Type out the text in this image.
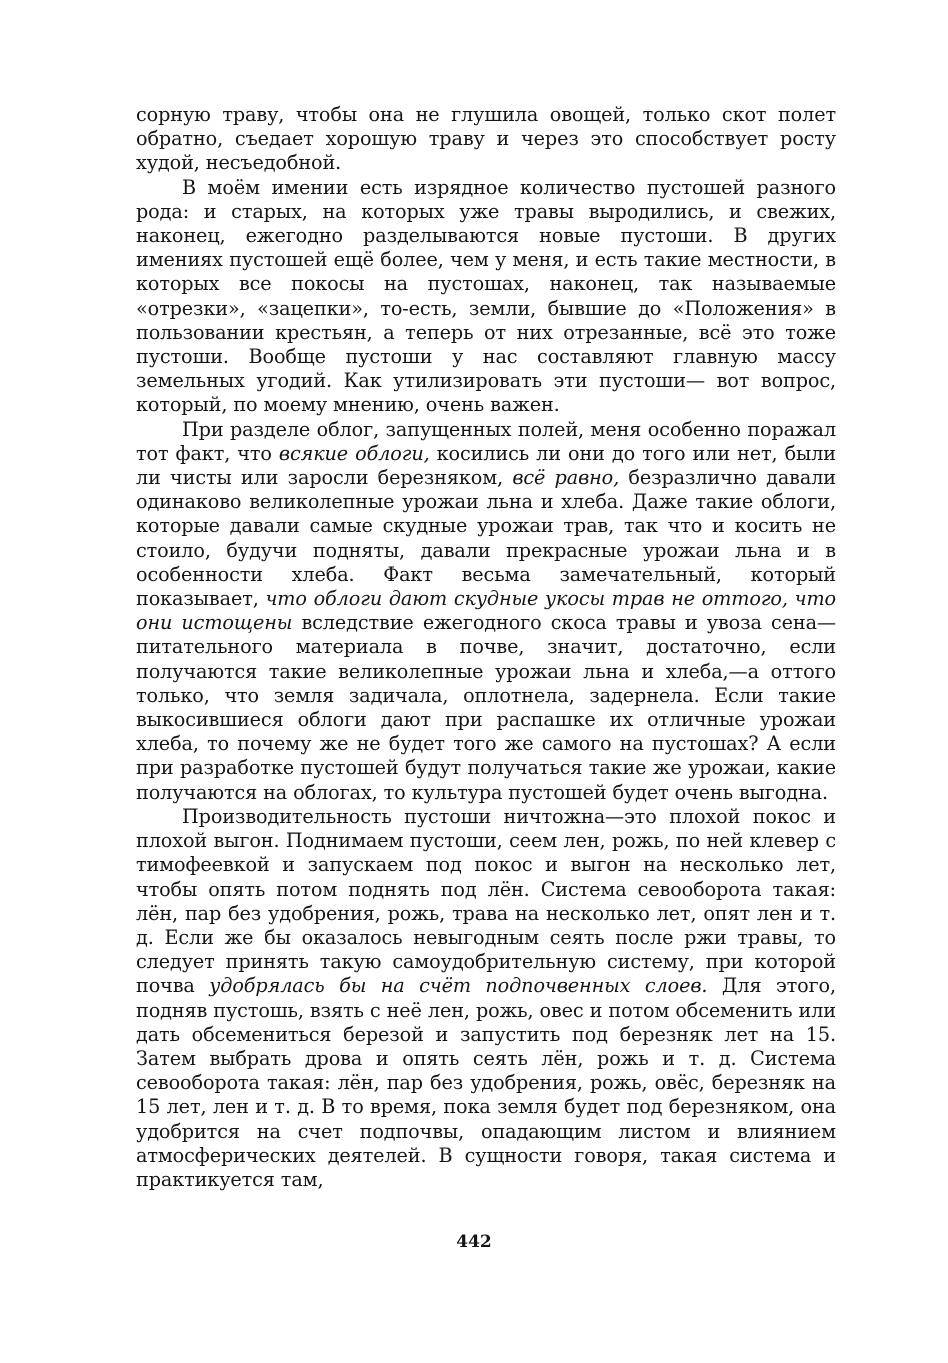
сорную траву, чтобы она не глушила овощей, только скот полет обратно, съедает хорошую траву и через это способствует росту худой, несъедобной.

В моём имении есть изрядное количество пустошей разного рода: и старых, на которых уже травы выродились, и свежих, наконец, ежегодно разделываются новые пустоши. В других имениях пустошей ещё более, чем у меня, и есть такие местности, в которых все покосы на пустошах, наконец, так называемые «отрезки», «зацепки», то-есть, земли, бывшие до «Положения» в пользовании крестьян, а теперь от них отрезанные, всё это тоже пустоши. Вообще пустоши у нас составляют главную массу земельных угодий. Как утилизировать эти пустоши— вот вопрос, который, по моему мнению, очень важен.

При разделе облог, запущенных полей, меня особенно поражал тот факт, что всякие облоги, косились ли они до того или нет, были ли чисты или заросли березняком, всё равно, безразлично давали одинаково великолепные урожаи льна и хлеба. Даже такие облоги, которые давали самые скудные урожаи трав, так что и косить не стоило, будучи подняты, давали прекрасные урожаи льна и в особенности хлеба. Факт весьма замечательный, который показывает, что облоги дают скудные укосы трав не оттого, что они истощены вследствие ежегодного скоса травы и увоза сена—питательного материала в почве, значит, достаточно, если получаются такие великолепные урожаи льна и хлеба,—а оттого только, что земля задичала, оплотнела, задернела. Если такие выкосившиеся облоги дают при распашке их отличные урожаи хлеба, то почему же не будет того же самого на пустошах? А если при разработке пустошей будут получаться такие же урожаи, какие получаются на облогах, то культура пустошей будет очень выгодна.

Производительность пустоши ничтожна—это плохой покос и плохой выгон. Поднимаем пустоши, сеем лен, рожь, по ней клевер с тимофеевкой и запускаем под покос и выгон на несколько лет, чтобы опять потом поднять под лён. Система севооборота такая: лён, пар без удобрения, рожь, трава на несколько лет, опят лен и т. д. Если же бы оказалось невыгодным сеять после ржи травы, то следует принять такую самоудобрительную систему, при которой почва удобрялась бы на счёт подпочвенных слоев. Для этого, подняв пустошь, взять с неё лен, рожь, овес и потом обсеменить или дать обсемениться березой и запустить под березняк лет на 15. Затем выбрать дрова и опять сеять лён, рожь и т. д. Система севооборота такая: лён, пар без удобрения, рожь, овёс, березняк на 15 лет, лен и т. д. В то время, пока земля будет под березняком, она удобрится на счет подпочвы, опадающим листом и влиянием атмосферических деятелей. В сущности говоря, такая система и практикуется там,

442
